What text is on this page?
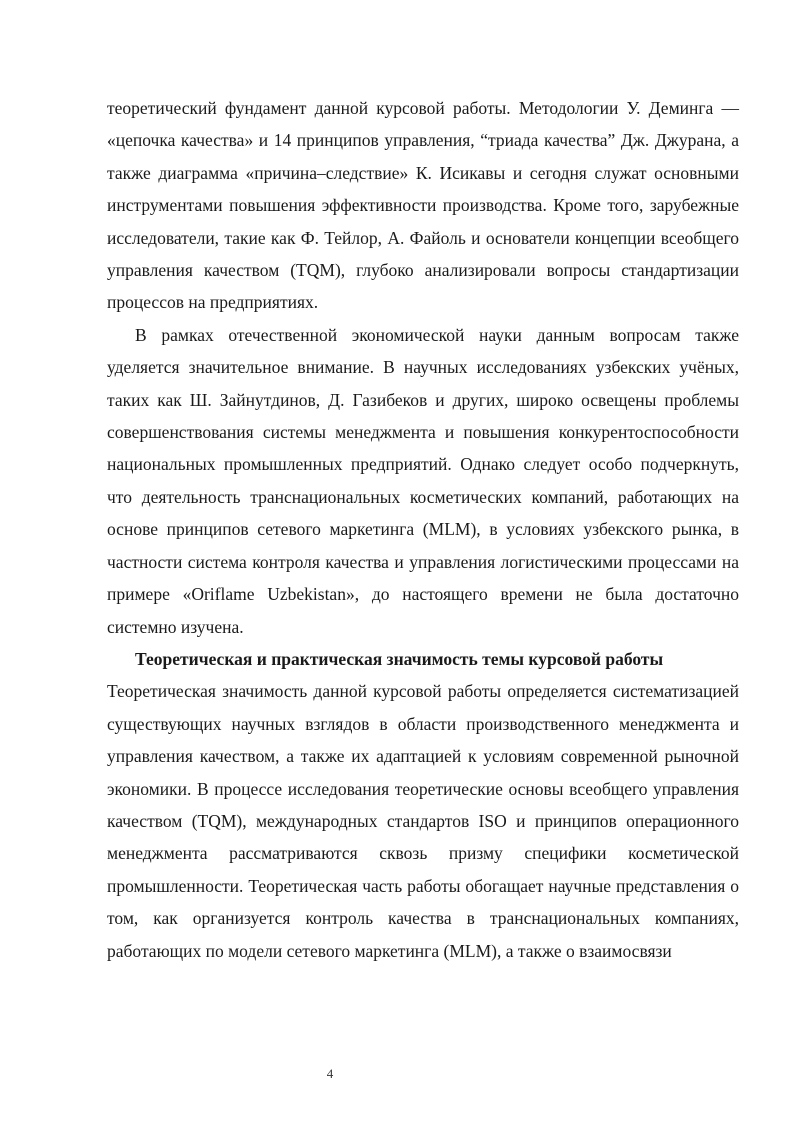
теоретический фундамент данной курсовой работы. Методологии У. Деминга — «цепочка качества» и 14 принципов управления, “триада качества” Дж. Джурана, а также диаграмма «причина–следствие» К. Исикавы и сегодня служат основными инструментами повышения эффективности производства. Кроме того, зарубежные исследователи, такие как Ф. Тейлор, А. Файоль и основатели концепции всеобщего управления качеством (TQM), глубоко анализировали вопросы стандартизации процессов на предприятиях.

В рамках отечественной экономической науки данным вопросам также уделяется значительное внимание. В научных исследованиях узбекских учёных, таких как Ш. Зайнутдинов, Д. Газибеков и других, широко освещены проблемы совершенствования системы менеджмента и повышения конкурентоспособности национальных промышленных предприятий. Однако следует особо подчеркнуть, что деятельность транснациональных косметических компаний, работающих на основе принципов сетевого маркетинга (MLM), в условиях узбекского рынка, в частности система контроля качества и управления логистическими процессами на примере «Oriflame Uzbekistan», до настоящего времени не была достаточно системно изучена.

Теоретическая и практическая значимость темы курсовой работы
Теоретическая значимость данной курсовой работы определяется систематизацией существующих научных взглядов в области производственного менеджмента и управления качеством, а также их адаптацией к условиям современной рыночной экономики. В процессе исследования теоретические основы всеобщего управления качеством (TQM), международных стандартов ISO и принципов операционного менеджмента рассматриваются сквозь призму специфики косметической промышленности. Теоретическая часть работы обогащает научные представления о том, как организуется контроль качества в транснациональных компаниях, работающих по модели сетевого маркетинга (MLM), а также о взаимосвязи

4
